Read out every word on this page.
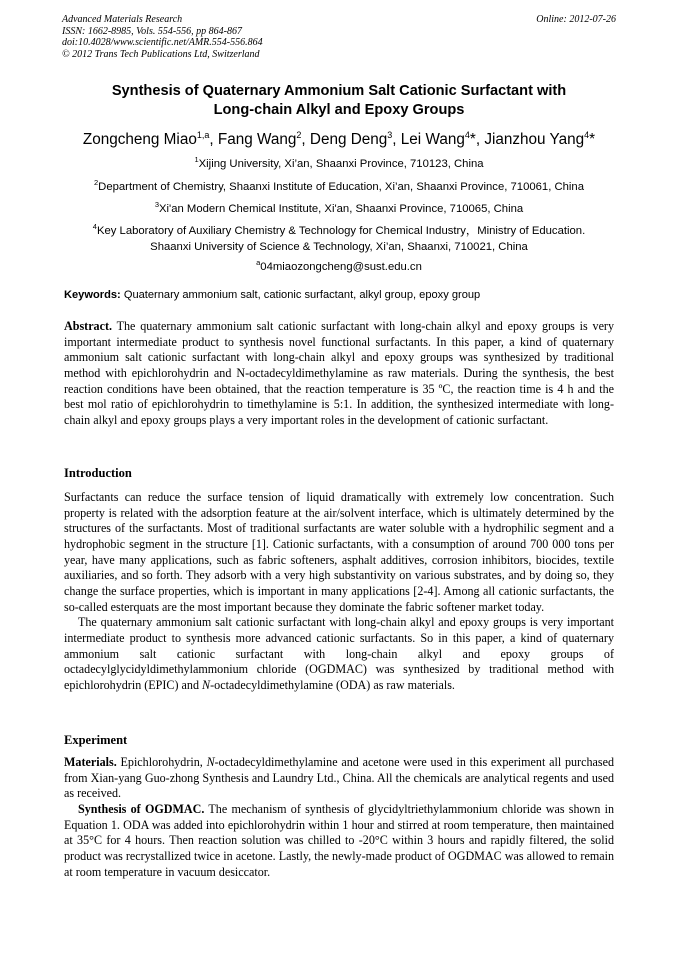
Advanced Materials Research
ISSN: 1662-8985, Vols. 554-556, pp 864-867
doi:10.4028/www.scientific.net/AMR.554-556.864
© 2012 Trans Tech Publications Ltd, Switzerland
Online: 2012-07-26
Synthesis of Quaternary Ammonium Salt Cationic Surfactant with
Long-chain Alkyl and Epoxy Groups
Zongcheng Miao$^{1,a}$, Fang Wang$^2$, Deng Deng$^3$, Lei Wang$^4$*, Jianzhou Yang$^4$*
$^1$Xijing University, Xi’an, Shaanxi Province, 710123, China
$^2$Department of Chemistry, Shaanxi Institute of Education, Xi’an, Shaanxi Province, 710061, China
$^3$Xi'an Modern Chemical Institute, Xi'an, Shaanxi Province, 710065, China
$^4$Key Laboratory of Auxiliary Chemistry & Technology for Chemical Industry，Ministry of Education.
Shaanxi University of Science & Technology, Xi’an, Shaanxi, 710021, China
$^a$04miaozongcheng@sust.edu.cn
Keywords: Quaternary ammonium salt, cationic surfactant, alkyl group, epoxy group

Abstract. The quaternary ammonium salt cationic surfactant with long-chain alkyl and epoxy groups is very important intermediate product to synthesis novel functional surfactants. In this paper, a kind of quaternary ammonium salt cationic surfactant with long-chain alkyl and epoxy groups was synthesized by traditional method with epichlorohydrin and N-octadecyldimethylamine as raw materials. During the synthesis, the best reaction conditions have been obtained, that the reaction temperature is 35 ºC, the reaction time is 4 h and the best mol ratio of epichlorohydrin to timethylamine is 5:1. In addition, the synthesized intermediate with long-chain alkyl and epoxy groups plays a very important roles in the development of cationic surfactant.

Introduction

Surfactants can reduce the surface tension of liquid dramatically with extremely low concentration. Such property is related with the adsorption feature at the air/solvent interface, which is ultimately determined by the structures of the surfactants. Most of traditional surfactants are water soluble with a hydrophilic segment and a hydrophobic segment in the structure [1]. Cationic surfactants, with a consumption of around 700 000 tons per year, have many applications, such as fabric softeners, asphalt additives, corrosion inhibitors, biocides, textile auxiliaries, and so forth. They adsorb with a very high substantivity on various substrates, and by doing so, they change the surface properties, which is important in many applications [2-4]. Among all cationic surfactants, the so-called esterquats are the most important because they dominate the fabric softener market today.

The quaternary ammonium salt cationic surfactant with long-chain alkyl and epoxy groups is very important intermediate product to synthesis more advanced cationic surfactants. So in this paper, a kind of quaternary ammonium salt cationic surfactant with long-chain alkyl and epoxy groups of octadecylglycidyldimethylammonium chloride (OGDMAC) was synthesized by traditional method with epichlorohydrin (EPIC) and N-octadecyldimethylamine (ODA) as raw materials.

Experiment

Materials. Epichlorohydrin, N-octadecyldimethylamine and acetone were used in this experiment all purchased from Xian-yang Guo-zhong Synthesis and Laundry Ltd., China. All the chemicals are analytical regents and used as received.

Synthesis of OGDMAC. The mechanism of synthesis of glycidyltriethylammonium chloride was shown in Equation 1. ODA was added into epichlorohydrin within 1 hour and stirred at room temperature, then maintained at 35°C for 4 hours. Then reaction solution was chilled to -20°C within 3 hours and rapidly filtered, the solid product was recrystallized twice in acetone. Lastly, the newly-made product of OGDMAC was allowed to remain at room temperature in vacuum desiccator.
